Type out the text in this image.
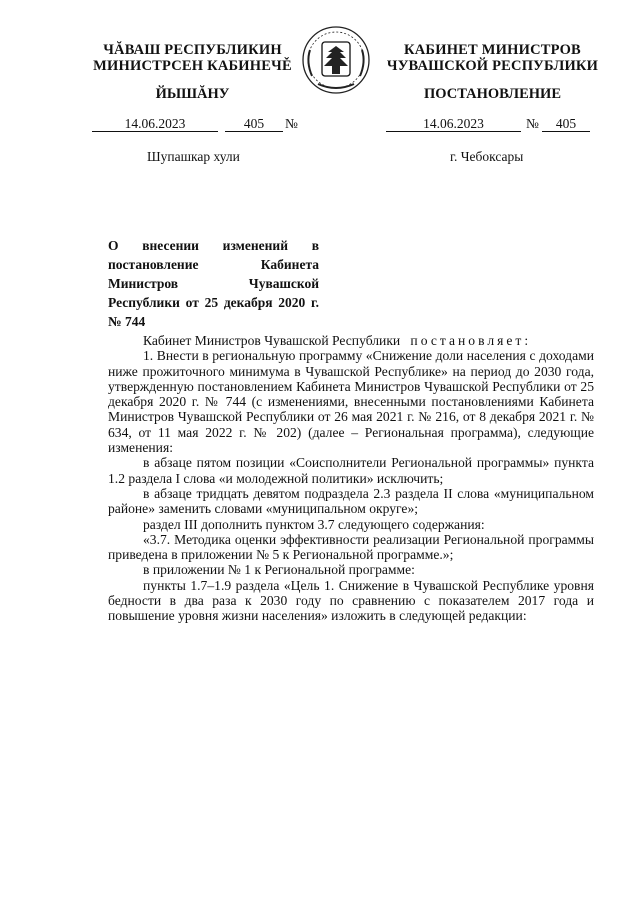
ЧĂВАШ РЕСПУБЛИКИН
МИНИСТРСЕН КАБИНЕЧĚ
ЙЫШĂНУ
КАБИНЕТ МИНИСТРОВ
ЧУВАШСКОЙ РЕСПУБЛИКИ
ПОСТАНОВЛЕНИЕ
14.06.2023	405	№	14.06.2023	№	405
Шупашкар хули	г. Чебоксары
О внесении изменений в постановление Кабинета Министров Чувашской Республики от 25 декабря 2020 г. № 744

Кабинет Министров Чувашской Республики постановляет:

1. Внести в региональную программу «Снижение доли населения с доходами ниже прожиточного минимума в Чувашской Республике» на период до 2030 года, утвержденную постановлением Кабинета Министров Чувашской Республики от 25 декабря 2020 г. № 744 (с изменениями, внесенными постановлениями Кабинета Министров Чувашской Республики от 26 мая 2021 г. № 216, от 8 декабря 2021 г. № 634, от 11 мая 2022 г. № 202) (далее – Региональная программа), следующие изменения:

в абзаце пятом позиции «Соисполнители Региональной программы» пункта 1.2 раздела I слова «и молодежной политики» исключить;

в абзаце тридцать девятом подраздела 2.3 раздела II слова «муниципальном районе» заменить словами «муниципальном округе»;

раздел III дополнить пунктом 3.7 следующего содержания:

«3.7. Методика оценки эффективности реализации Региональной программы приведена в приложении № 5 к Региональной программе.»;

в приложении № 1 к Региональной программе:

пункты 1.7–1.9 раздела «Цель 1. Снижение в Чувашской Республике уровня бедности в два раза к 2030 году по сравнению с показателем 2017 года и повышение уровня жизни населения» изложить в следующей редакции:
